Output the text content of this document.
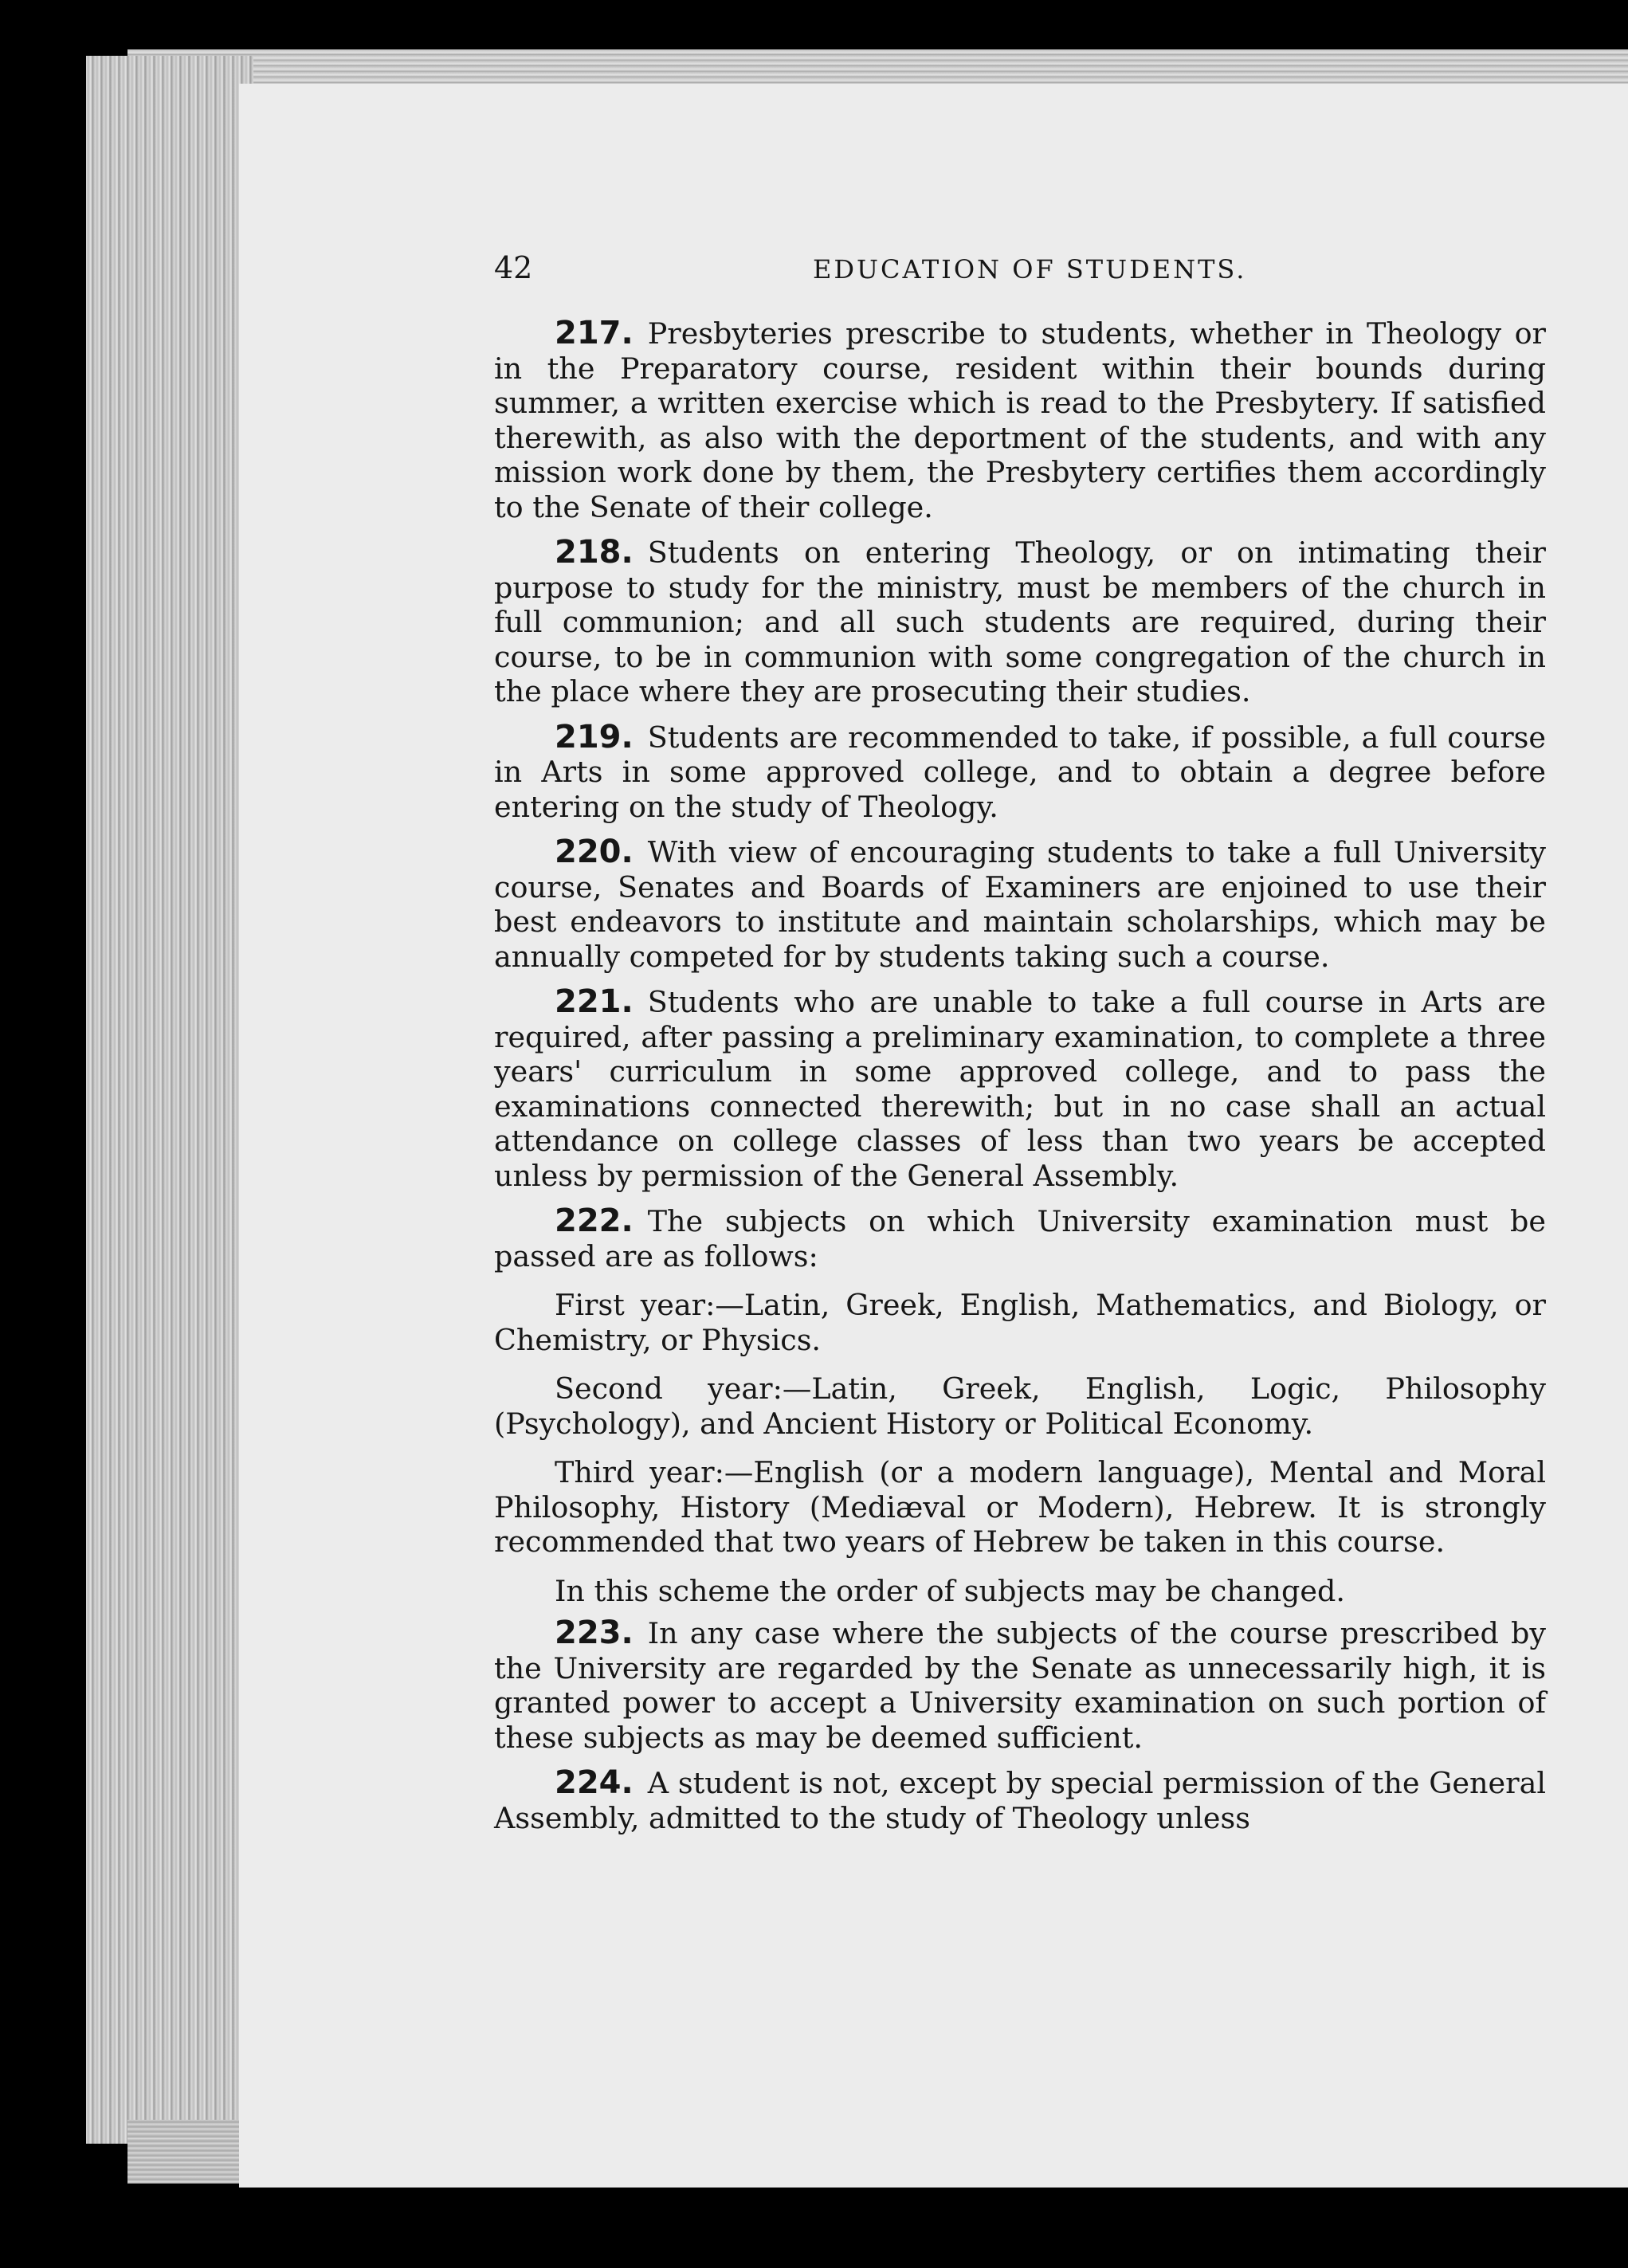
42	EDUCATION OF STUDENTS.

217. Presbyteries prescribe to students, whether in Theology or in the Preparatory course, resident within their bounds during summer, a written exercise which is read to the Presbytery. If satisfied therewith, as also with the deportment of the students, and with any mission work done by them, the Presbytery certifies them accordingly to the Senate of their college.

218. Students on entering Theology, or on intimating their purpose to study for the ministry, must be members of the church in full communion; and all such students are required, during their course, to be in communion with some congregation of the church in the place where they are prosecuting their studies.

219. Students are recommended to take, if possible, a full course in Arts in some approved college, and to obtain a degree before entering on the study of Theology.

220. With view of encouraging students to take a full University course, Senates and Boards of Examiners are enjoined to use their best endeavors to institute and maintain scholarships, which may be annually competed for by students taking such a course.

221. Students who are unable to take a full course in Arts are required, after passing a preliminary examination, to complete a three years' curriculum in some approved college, and to pass the examinations connected therewith; but in no case shall an actual attendance on college classes of less than two years be accepted unless by permission of the General Assembly.

222. The subjects on which University examination must be passed are as follows:

First year:—Latin, Greek, English, Mathematics, and Biology, or Chemistry, or Physics.

Second year:—Latin, Greek, English, Logic, Philosophy (Psychology), and Ancient History or Political Economy.

Third year:—English (or a modern language), Mental and Moral Philosophy, History (Mediæval or Modern), Hebrew. It is strongly recommended that two years of Hebrew be taken in this course.

In this scheme the order of subjects may be changed.

223. In any case where the subjects of the course prescribed by the University are regarded by the Senate as unnecessarily high, it is granted power to accept a University examination on such portion of these subjects as may be deemed sufficient.

224. A student is not, except by special permission of the General Assembly, admitted to the study of Theology unless
